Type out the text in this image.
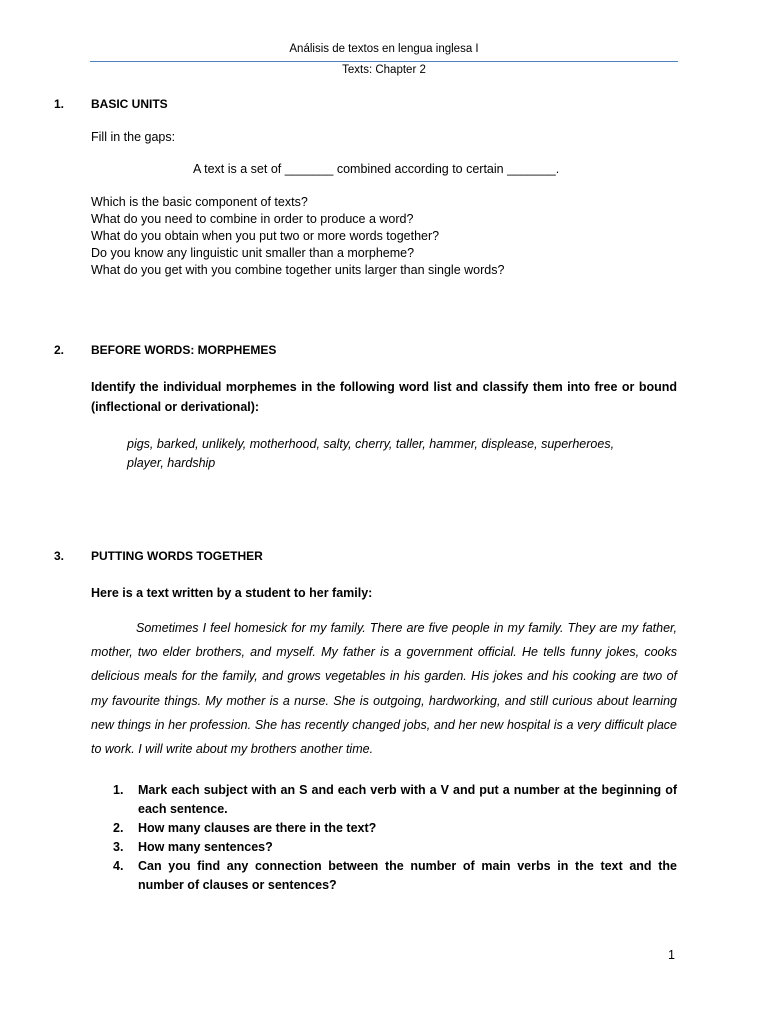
Análisis de textos en lengua inglesa I
Texts: Chapter 2
1. BASIC UNITS
Fill in the gaps:
A text is a set of _______ combined according to certain _______.
Which is the basic component of texts?
What do you need to combine in order to produce a word?
What do you obtain when you put two or more words together?
Do you know any linguistic unit smaller than a morpheme?
What do you get with you combine together units larger than single words?
2. BEFORE WORDS: MORPHEMES
Identify the individual morphemes in the following word list and classify them into free or bound (inflectional or derivational):
pigs, barked, unlikely, motherhood, salty, cherry, taller, hammer, displease, superheroes, player, hardship
3. PUTTING WORDS TOGETHER
Here is a text written by a student to her family:
Sometimes I feel homesick for my family. There are five people in my family. They are my father, mother, two elder brothers, and myself. My father is a government official. He tells funny jokes, cooks delicious meals for the family, and grows vegetables in his garden. His jokes and his cooking are two of my favourite things. My mother is a nurse. She is outgoing, hardworking, and still curious about learning new things in her profession. She has recently changed jobs, and her new hospital is a very difficult place to work. I will write about my brothers another time.
1. Mark each subject with an S and each verb with a V and put a number at the beginning of each sentence.
2. How many clauses are there in the text?
3. How many sentences?
4. Can you find any connection between the number of main verbs in the text and the number of clauses or sentences?
1
